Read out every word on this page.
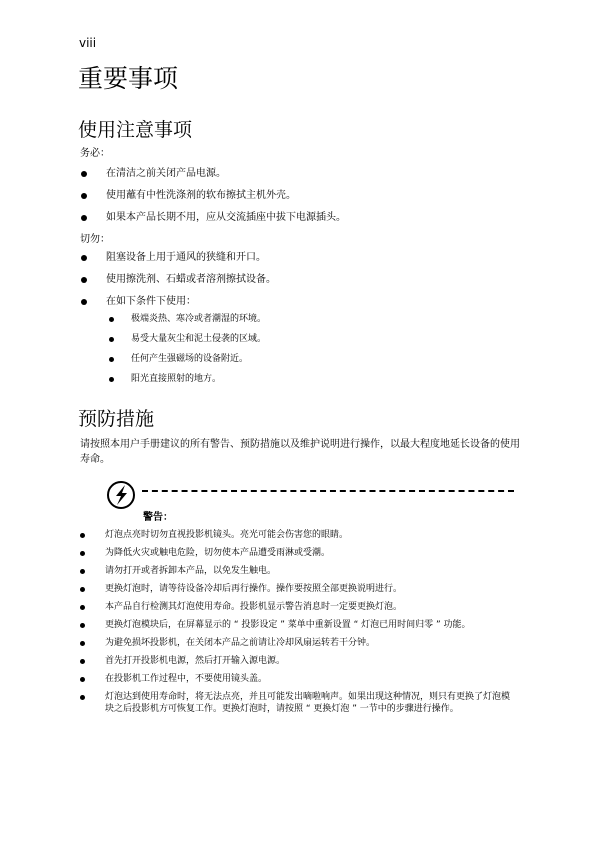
viii
重要事项
使用注意事项
务必：
在清洁之前关闭产品电源。
使用蘸有中性洗涤剂的软布擦拭主机外壳。
如果本产品长期不用，应从交流插座中拔下电源插头。
切勿：
阻塞设备上用于通风的狭缝和开口。
使用擦洗剂、石蜡或者溶剂擦拭设备。
在如下条件下使用：
极端炎热、寒冷或者潮湿的环境。
易受大量灰尘和泥土侵袭的区域。
任何产生强磁场的设备附近。
阳光直接照射的地方。
预防措施
请按照本用户手册建议的所有警告、预防措施以及维护说明进行操作，以最大程度地延长设备的使用寿命。
警告：
灯泡点亮时切勿直视投影机镜头。亮光可能会伤害您的眼睛。
为降低火灾或触电危险，切勿使本产品遭受雨淋或受潮。
请勿打开或者拆卸本产品，以免发生触电。
更换灯泡时，请等待设备冷却后再行操作。操作要按照全部更换说明进行。
本产品自行检测其灯泡使用寿命。投影机显示警告消息时一定要更换灯泡。
更换灯泡模块后，在屏幕显示的 “ 投影设定 ” 菜单中重新设置 “ 灯泡已用时间归零 ” 功能。
为避免损坏投影机，在关闭本产品之前请让冷却风扇运转若干分钟。
首先打开投影机电源，然后打开输入源电源。
在投影机工作过程中，不要使用镜头盖。
灯泡达到使用寿命时，将无法点亮，并且可能发出嘀啦响声。如果出现这种情况，则只有更换了灯泡模块之后投影机方可恢复工作。更换灯泡时，请按照 “ 更换灯泡 ” 一节中的步骤进行操作。
